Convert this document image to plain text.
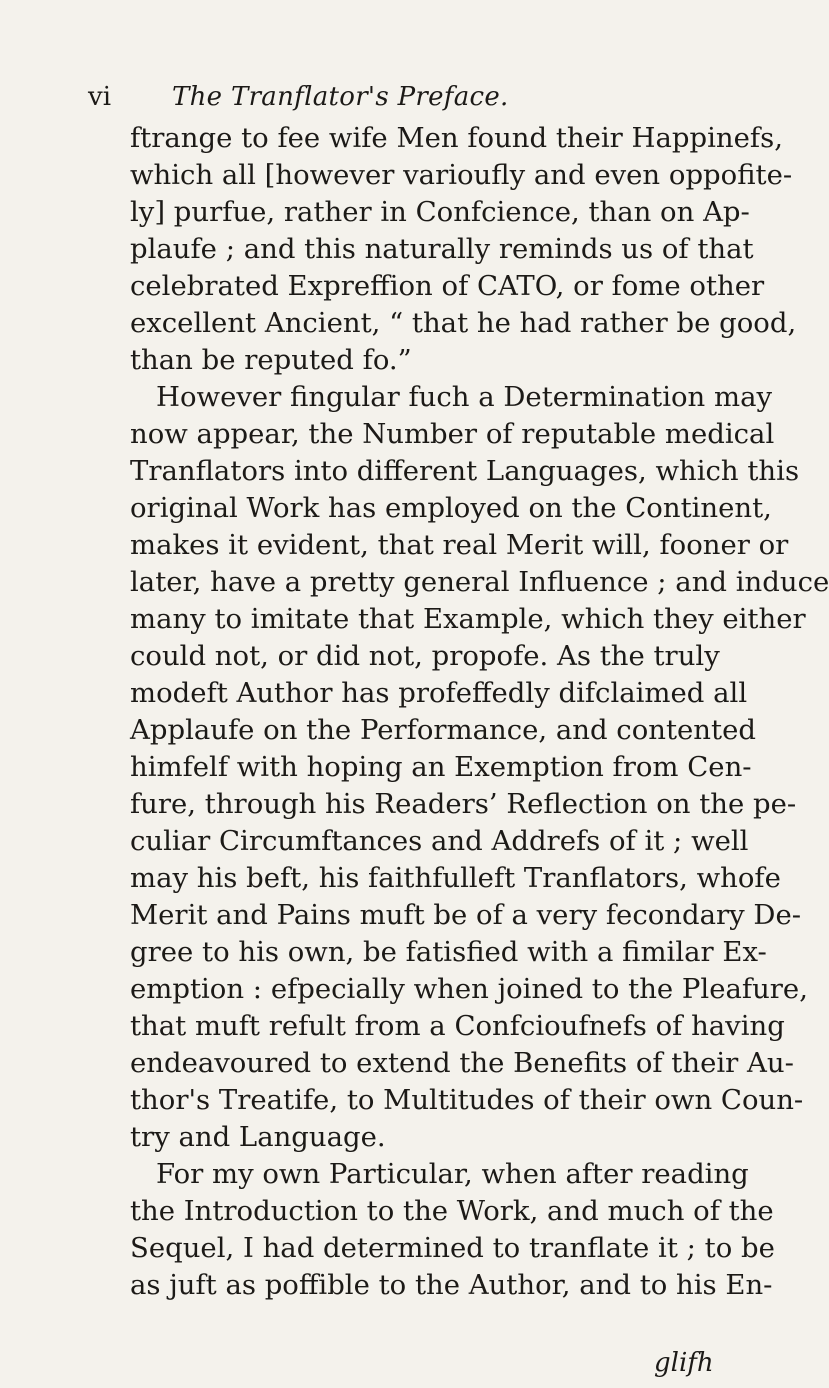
vi The Tranflator's Preface.
ftrange to fee wife Men found their Happinefs,
which all [however varioufly and even oppofite-
ly] purfue, rather in Confcience, than on Ap-
plaufe ; and this naturally reminds us of that
celebrated Expreffion of CATO, or fome other
excellent Ancient, “ that he had rather be good,
than be reputed fo.”
However fingular fuch a Determination may
now appear, the Number of reputable medical
Tranflators into different Languages, which this
original Work has employed on the Continent,
makes it evident, that real Merit will, fooner or
later, have a pretty general Influence ; and induce
many to imitate that Example, which they either
could not, or did not, propofe. As the truly
modeft Author has profeffedly difclaimed all
Applaufe on the Performance, and contented
himfelf with hoping an Exemption from Cen-
fure, through his Readers’ Reflection on the pe-
culiar Circumftances and Addrefs of it ; well
may his beft, his faithfulleft Tranflators, whofe
Merit and Pains muft be of a very fecondary De-
gree to his own, be fatisfied with a fimilar Ex-
emption : efpecially when joined to the Pleafure,
that muft refult from a Confcioufnefs of having
endeavoured to extend the Benefits of their Au-
thor's Treatife, to Multitudes of their own Coun-
try and Language.
For my own Particular, when after reading
the Introduction to the Work, and much of the
Sequel, I had determined to tranflate it ; to be
as juft as poffible to the Author, and to his En-
glifh
